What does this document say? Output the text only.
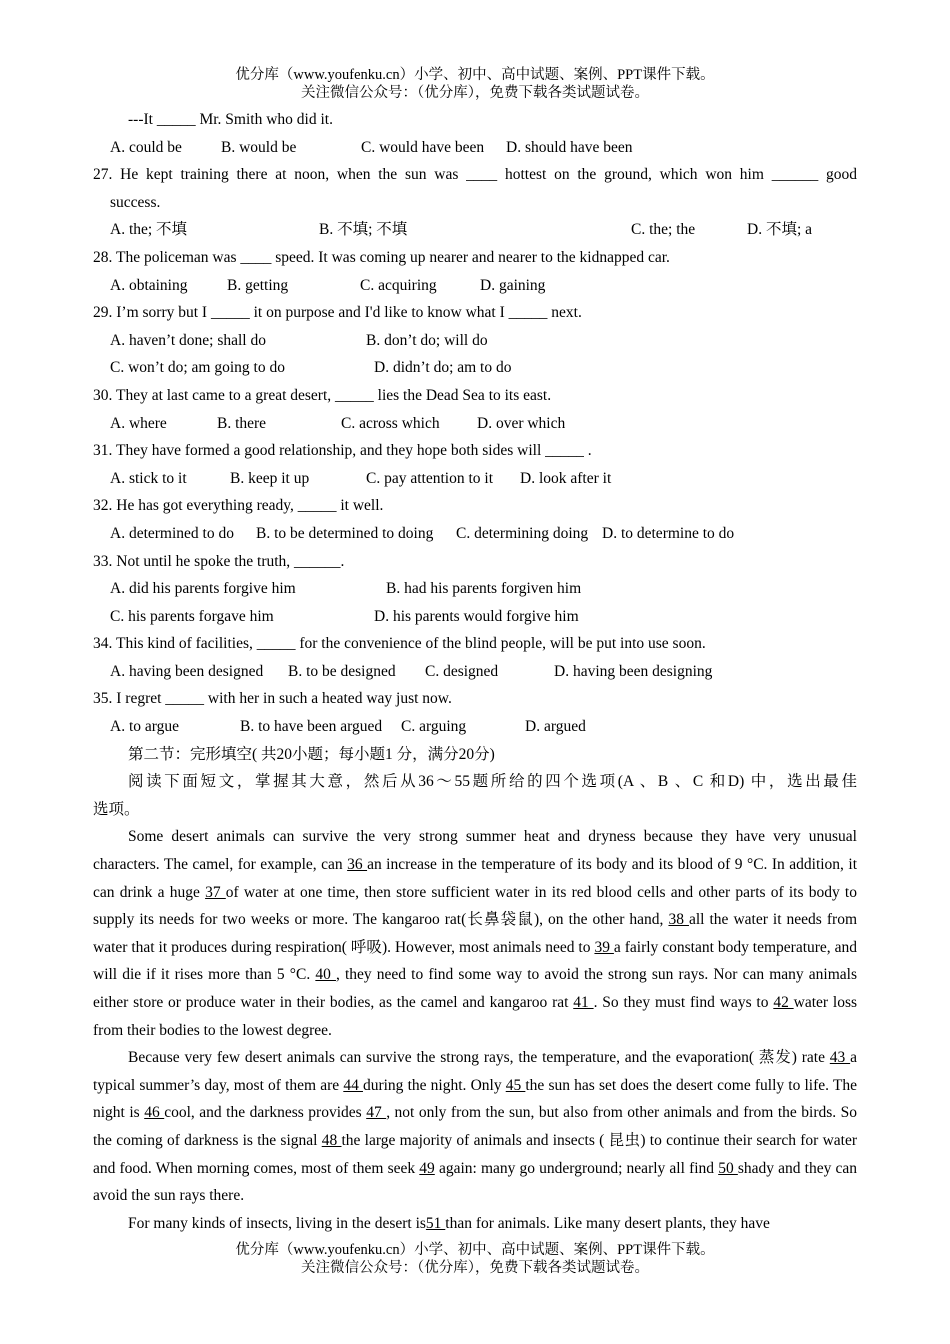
优分库（www.youfenku.cn）小学、初中、高中试题、案例、PPT课件下载。
关注微信公众号：（优分库），免费下载各类试题试卷。
---It _____ Mr. Smith who did it.
A. could be	B. would be	C. would have been D. should have been
27. He kept training there at noon, when the sun was ____ hottest on the ground, which won him ______ good
success.
A. the; 不填	B. 不填; 不填	C. the; the	D. 不填; a
28. The policeman was ____ speed. It was coming up nearer and nearer to the kidnapped car.
A. obtaining	B. getting	C. acquiring	D. gaining
29. I’m sorry but I _____ it on purpose and I'd like to know what I _____ next.
A. haven’t done; shall do	B. don’t do; will do
C. won’t do; am going to do	D. didn’t do; am to do
30. They at last came to a great desert, _____ lies the Dead Sea to its east.
A. where	B. there	C. across which D. over which
31. They have formed a good relationship, and they hope both sides will _____ .
A. stick to it	B. keep it up	C. pay attention to it D. look after it
32. He has got everything ready, _____ it well.
A. determined to do B. to be determined to doing C. determining doing D. to determine to do
33. Not until he spoke the truth, ______.
A. did his parents forgive him	B. had his parents forgiven him
C. his parents forgave him	D. his parents would forgive him
34. This kind of facilities, _____ for the convenience of the blind people, will be put into use soon.
A. having been designed B. to be designed C. designed	D. having been designing
35. I regret _____ with her in such a heated way just now.
A. to argue	B. to have been argued C. arguing	D. argued
第二节：完形填空( 共20小题；每小题1 分，满分20分)
阅读下面短文，掌握其大意，然后从36～55题所给的四个选项(A 、B 、C 和D) 中，选出最佳
选项。

Some desert animals can survive the very strong summer heat and dryness because they have very unusual characters. The camel, for example, can 36 an increase in the temperature of its body and its blood of 9 °C. In addition, it can drink a huge 37 of water at one time, then store sufficient water in its red blood cells and other parts of its body to supply its needs for two weeks or more. The kangaroo rat(长鼻袋鼠), on the other hand, 38 all the water it needs from water that it produces during respiration( 呼吸). However, most animals need to 39 a fairly constant body temperature, and will die if it rises more than 5 °C. 40 , they need to find some way to avoid the strong sun rays. Nor can many animals either store or produce water in their bodies, as the camel and kangaroo rat 41 . So they must find ways to 42 water loss from their bodies to the lowest degree.

Because very few desert animals can survive the strong rays, the temperature, and the evaporation( 蒸发) rate 43 a typical summer’s day, most of them are 44 during the night. Only 45 the sun has set does the desert come fully to life. The night is 46 cool, and the darkness provides 47 , not only from the sun, but also from other animals and from the birds. So the coming of darkness is the signal 48 the large majority of animals and insects ( 昆虫) to continue their search for water and food. When morning comes, most of them seek 49 again: many go underground; nearly all find 50 shady and they can avoid the sun rays there.

For many kinds of insects, living in the desert is51 than for animals. Like many desert plants, they have

优分库（www.youfenku.cn）小学、初中、高中试题、案例、PPT课件下载。
关注微信公众号：（优分库），免费下载各类试题试卷。
